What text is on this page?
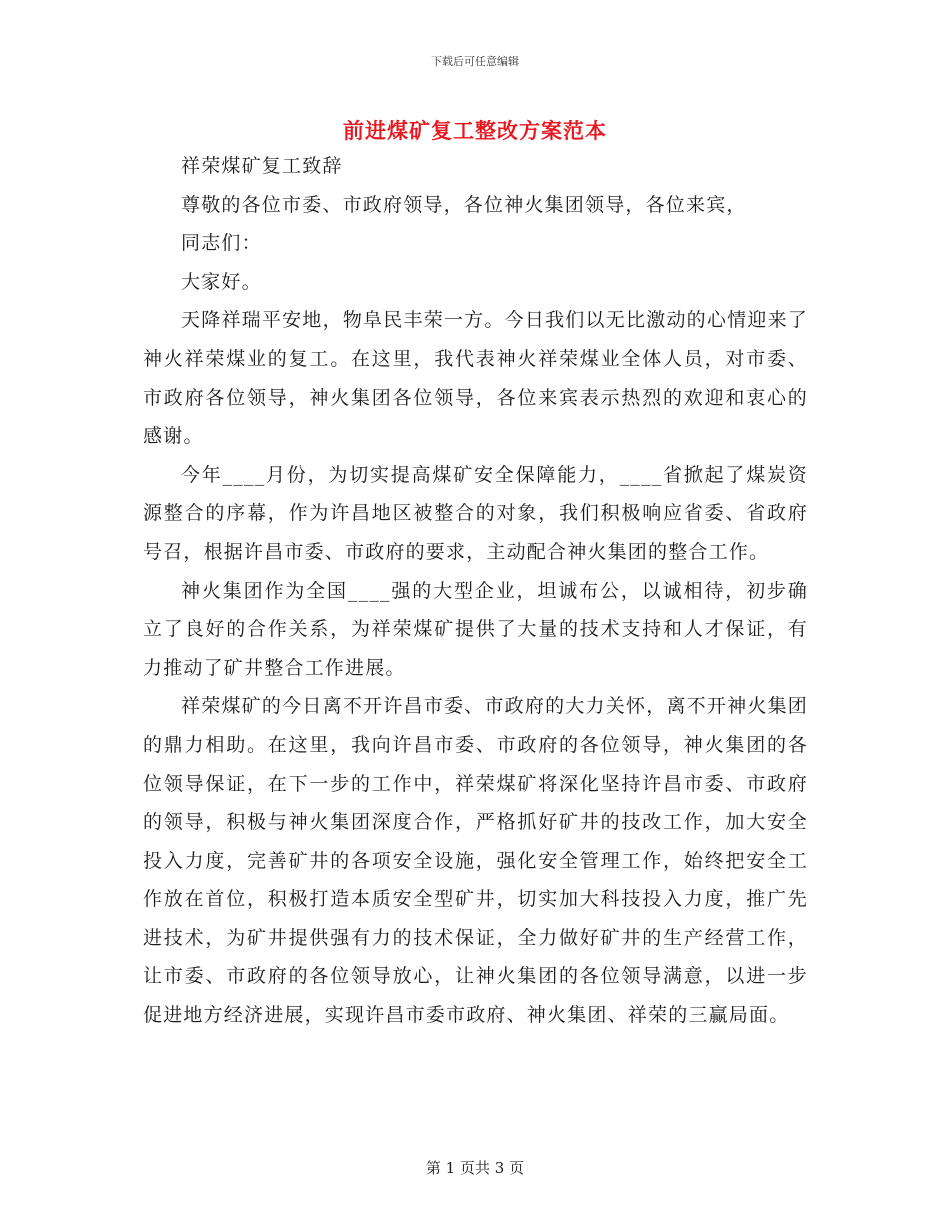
下载后可任意编辑
前进煤矿复工整改方案范本

祥荣煤矿复工致辞

尊敬的各位市委、市政府领导，各位神火集团领导，各位来宾，

同志们：

大家好。

天降祥瑞平安地，物阜民丰荣一方。今日我们以无比激动的心情迎来了神火祥荣煤业的复工。在这里，我代表神火祥荣煤业全体人员，对市委、市政府各位领导，神火集团各位领导，各位来宾表示热烈的欢迎和衷心的感谢。

今年____月份，为切实提高煤矿安全保障能力，____省掀起了煤炭资源整合的序幕，作为许昌地区被整合的对象，我们积极响应省委、省政府号召，根据许昌市委、市政府的要求，主动配合神火集团的整合工作。

神火集团作为全国____强的大型企业，坦诚布公，以诚相待，初步确立了良好的合作关系，为祥荣煤矿提供了大量的技术支持和人才保证，有力推动了矿井整合工作进展。

祥荣煤矿的今日离不开许昌市委、市政府的大力关怀，离不开神火集团的鼎力相助。在这里，我向许昌市委、市政府的各位领导，神火集团的各位领导保证，在下一步的工作中，祥荣煤矿将深化坚持许昌市委、市政府的领导，积极与神火集团深度合作，严格抓好矿井的技改工作，加大安全投入力度，完善矿井的各项安全设施，强化安全管理工作，始终把安全工作放在首位，积极打造本质安全型矿井，切实加大科技投入力度，推广先进技术，为矿井提供强有力的技术保证，全力做好矿井的生产经营工作，让市委、市政府的各位领导放心，让神火集团的各位领导满意，以进一步促进地方经济进展，实现许昌市委市政府、神火集团、祥荣的三赢局面。

第 1 页共 3 页
